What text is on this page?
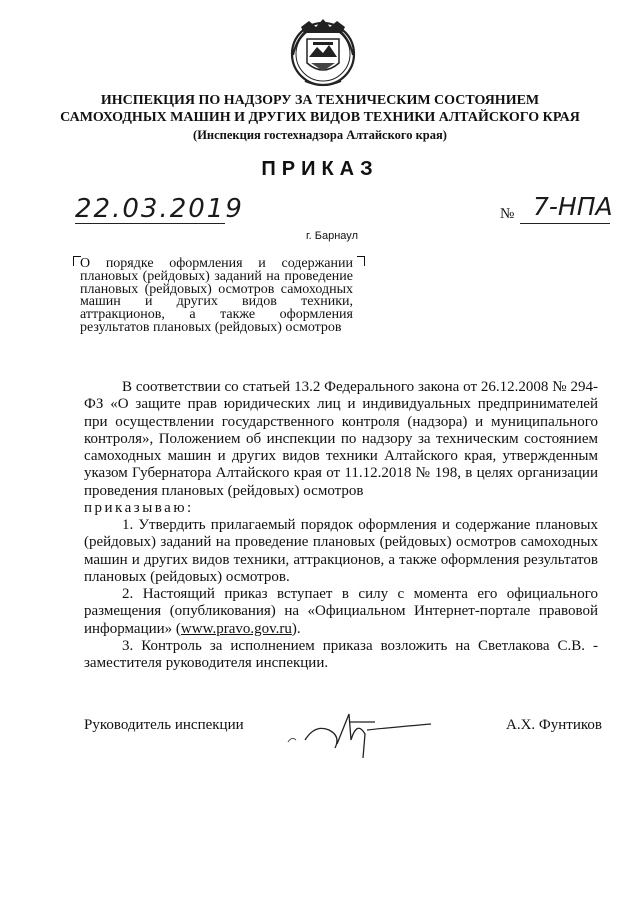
ИНСПЕКЦИЯ ПО НАДЗОРУ ЗА ТЕХНИЧЕСКИМ СОСТОЯНИЕМ
САМОХОДНЫХ МАШИН И ДРУГИХ ВИДОВ ТЕХНИКИ АЛТАЙСКОГО КРАЯ
(Инспекция гостехнадзора Алтайского края)
ПРИКАЗ
22.03.2019	№ 7-НПА
г. Барнаул
О порядке оформления и содержании плановых (рейдовых) заданий на проведение плановых (рейдовых) осмотров самоходных машин и других видов техники, аттракционов, а также оформления результатов плановых (рейдовых) осмотров
В соответствии со статьей 13.2 Федерального закона от 26.12.2008 № 294-ФЗ «О защите прав юридических лиц и индивидуальных предпринимателей при осуществлении государственного контроля (надзора) и муниципального контроля», Положением об инспекции по надзору за техническим состоянием самоходных машин и других видов техники Алтайского края, утвержденным указом Губернатора Алтайского края от 11.12.2018 № 198, в целях организации проведения плановых (рейдовых) осмотров
приказываю:
1. Утвердить прилагаемый порядок оформления и содержание плановых (рейдовых) заданий на проведение плановых (рейдовых) осмотров самоходных машин и других видов техники, аттракционов, а также оформления результатов плановых (рейдовых) осмотров.
2. Настоящий приказ вступает в силу с момента его официального размещения (опубликования) на «Официальном Интернет-портале правовой информации» (www.pravo.gov.ru).
3. Контроль за исполнением приказа возложить на Светлакова С.В. - заместителя руководителя инспекции.
Руководитель инспекции	А.Х. Фунтиков
